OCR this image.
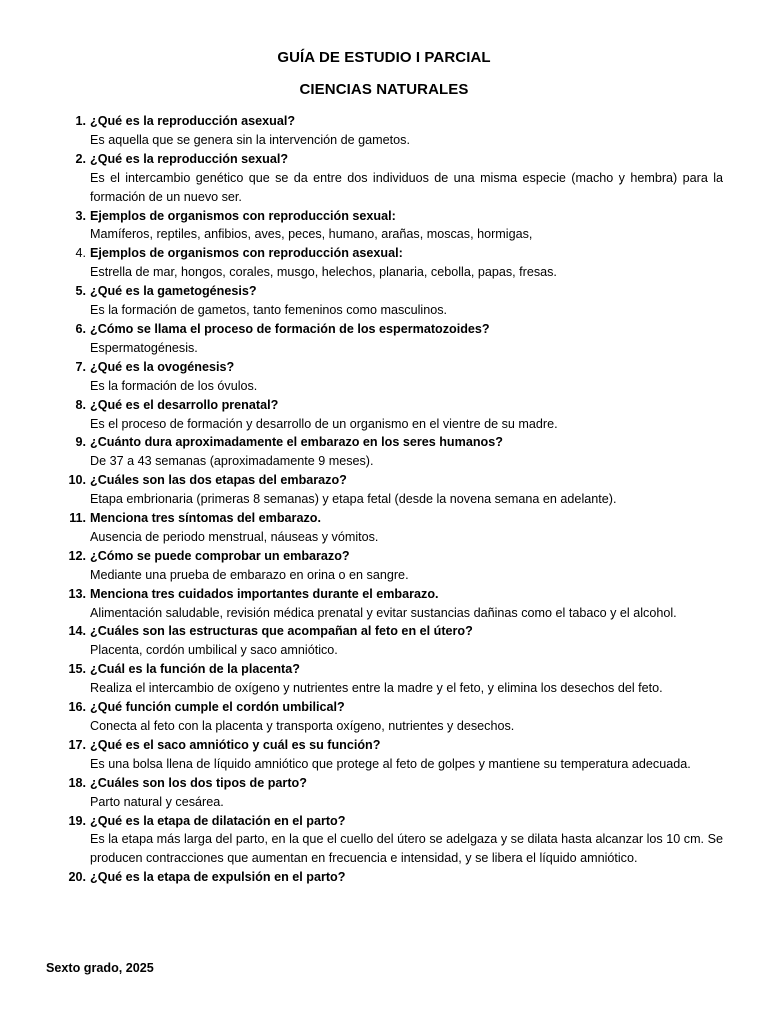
GUÍA DE ESTUDIO I PARCIAL
CIENCIAS NATURALES
1. ¿Qué es la reproducción asexual?
Es aquella que se genera sin la intervención de gametos.
2. ¿Qué es la reproducción sexual?
Es el intercambio genético que se da entre dos individuos de una misma especie (macho y hembra) para la formación de un nuevo ser.
3. Ejemplos de organismos con reproducción sexual:
Mamíferos, reptiles, anfibios, aves, peces, humano, arañas, moscas, hormigas,
4. Ejemplos de organismos con reproducción asexual:
Estrella de mar, hongos, corales, musgo, helechos, planaria, cebolla, papas, fresas.
5. ¿Qué es la gametogénesis?
Es la formación de gametos, tanto femeninos como masculinos.
6. ¿Cómo se llama el proceso de formación de los espermatozoides?
Espermatogénesis.
7. ¿Qué es la ovogénesis?
Es la formación de los óvulos.
8. ¿Qué es el desarrollo prenatal?
Es el proceso de formación y desarrollo de un organismo en el vientre de su madre.
9. ¿Cuánto dura aproximadamente el embarazo en los seres humanos?
De 37 a 43 semanas (aproximadamente 9 meses).
10. ¿Cuáles son las dos etapas del embarazo?
Etapa embrionaria (primeras 8 semanas) y etapa fetal (desde la novena semana en adelante).
11. Menciona tres síntomas del embarazo.
Ausencia de periodo menstrual, náuseas y vómitos.
12. ¿Cómo se puede comprobar un embarazo?
Mediante una prueba de embarazo en orina o en sangre.
13. Menciona tres cuidados importantes durante el embarazo.
Alimentación saludable, revisión médica prenatal y evitar sustancias dañinas como el tabaco y el alcohol.
14. ¿Cuáles son las estructuras que acompañan al feto en el útero?
Placenta, cordón umbilical y saco amniótico.
15. ¿Cuál es la función de la placenta?
Realiza el intercambio de oxígeno y nutrientes entre la madre y el feto, y elimina los desechos del feto.
16. ¿Qué función cumple el cordón umbilical?
Conecta al feto con la placenta y transporta oxígeno, nutrientes y desechos.
17. ¿Qué es el saco amniótico y cuál es su función?
Es una bolsa llena de líquido amniótico que protege al feto de golpes y mantiene su temperatura adecuada.
18. ¿Cuáles son los dos tipos de parto?
Parto natural y cesárea.
19. ¿Qué es la etapa de dilatación en el parto?
Es la etapa más larga del parto, en la que el cuello del útero se adelgaza y se dilata hasta alcanzar los 10 cm. Se producen contracciones que aumentan en frecuencia e intensidad, y se libera el líquido amniótico.
20. ¿Qué es la etapa de expulsión en el parto?
Sexto grado, 2025
